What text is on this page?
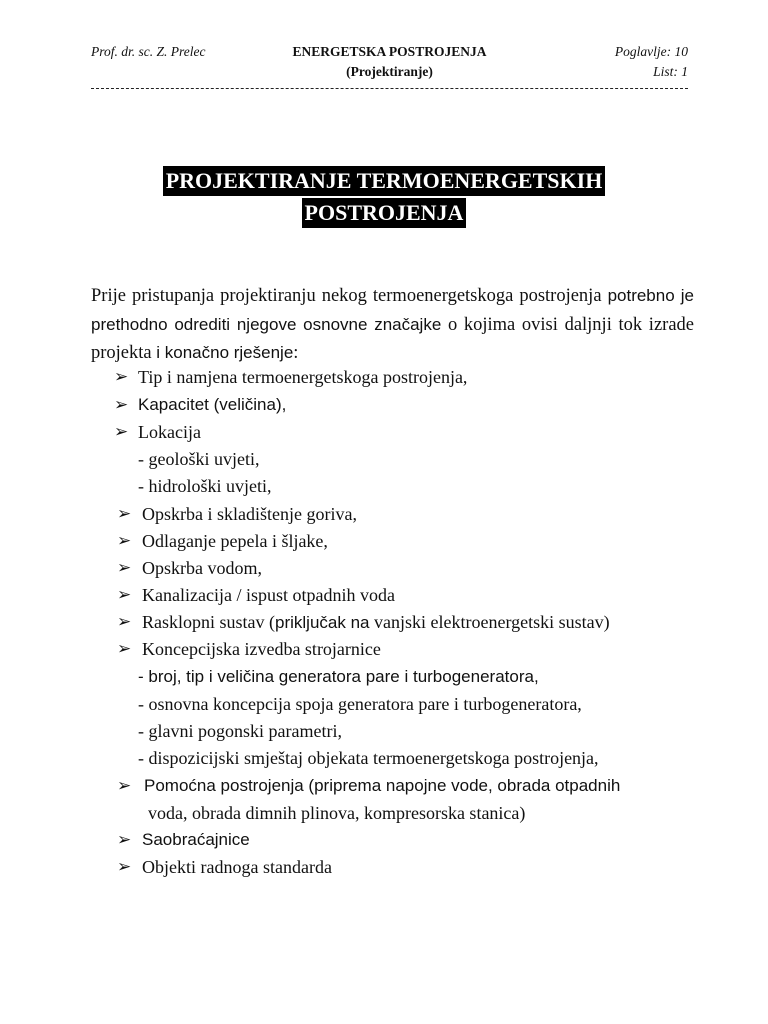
Prof. dr. sc. Z. Prelec	ENERGETSKA POSTROJENJA
(Projektiranje)
Poglavlje: 10
List: 1
PROJEKTIRANJE TERMOENERGETSKIH
POSTROJENJA

Prije pristupanja projektiranju nekog termoenergetskoga postrojenja potrebno je prethodno odrediti njegove osnovne značajke o kojima ovisi daljnji tok izrade projekta i konačno rješenje:

➢ Tip i namjena termoenergetskoga postrojenja,
➢ Kapacitet (veličina),
➢ Lokacija
- geološki uvjeti,
- hidrološki uvjeti,
➢ Opskrba i skladištenje goriva,
➢ Odlaganje pepela i šljake,
➢ Opskrba vodom,
➢ Kanalizacija / ispust otpadnih voda
➢ Rasklopni sustav (priključak na vanjski elektroenergetski sustav)
➢ Koncepcijska izvedba strojarnice
- broj, tip i veličina generatora pare i turbogeneratora,
- osnovna koncepcija spoja generatora pare i turbogeneratora,
- glavni pogonski parametri,
- dispozicijski smještaj objekata termoenergetskoga postrojenja,
➢ Pomoćna postrojenja (priprema napojne vode, obrada otpadnih
voda, obrada dimnih plinova, kompresorska stanica)
➢ Saobraćajnice
➢ Objekti radnoga standarda
